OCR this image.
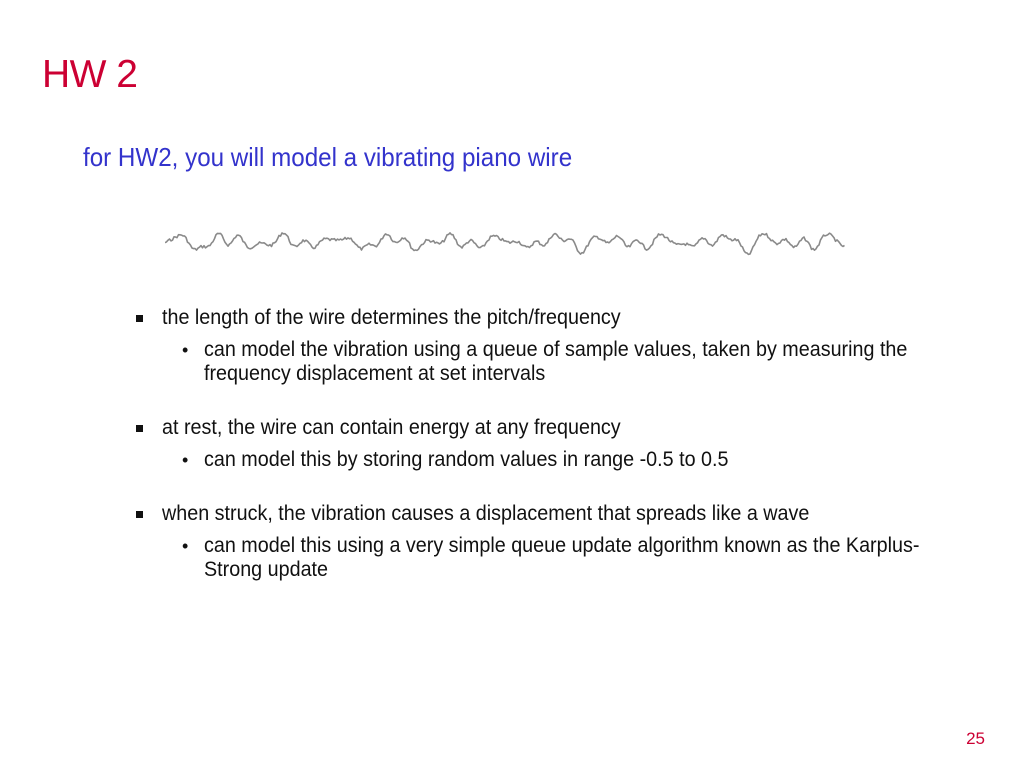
HW 2
for HW2, you will model a vibrating piano wire
the length of the wire determines the pitch/frequency
• can model the vibration using a queue of sample values, taken by measuring the frequency displacement at set intervals
at rest, the wire can contain energy at any frequency
• can model this by storing random values in range -0.5 to 0.5
when struck, the vibration causes a displacement that spreads like a wave
• can model this using a very simple queue update algorithm known as the Karplus-Strong update
25
